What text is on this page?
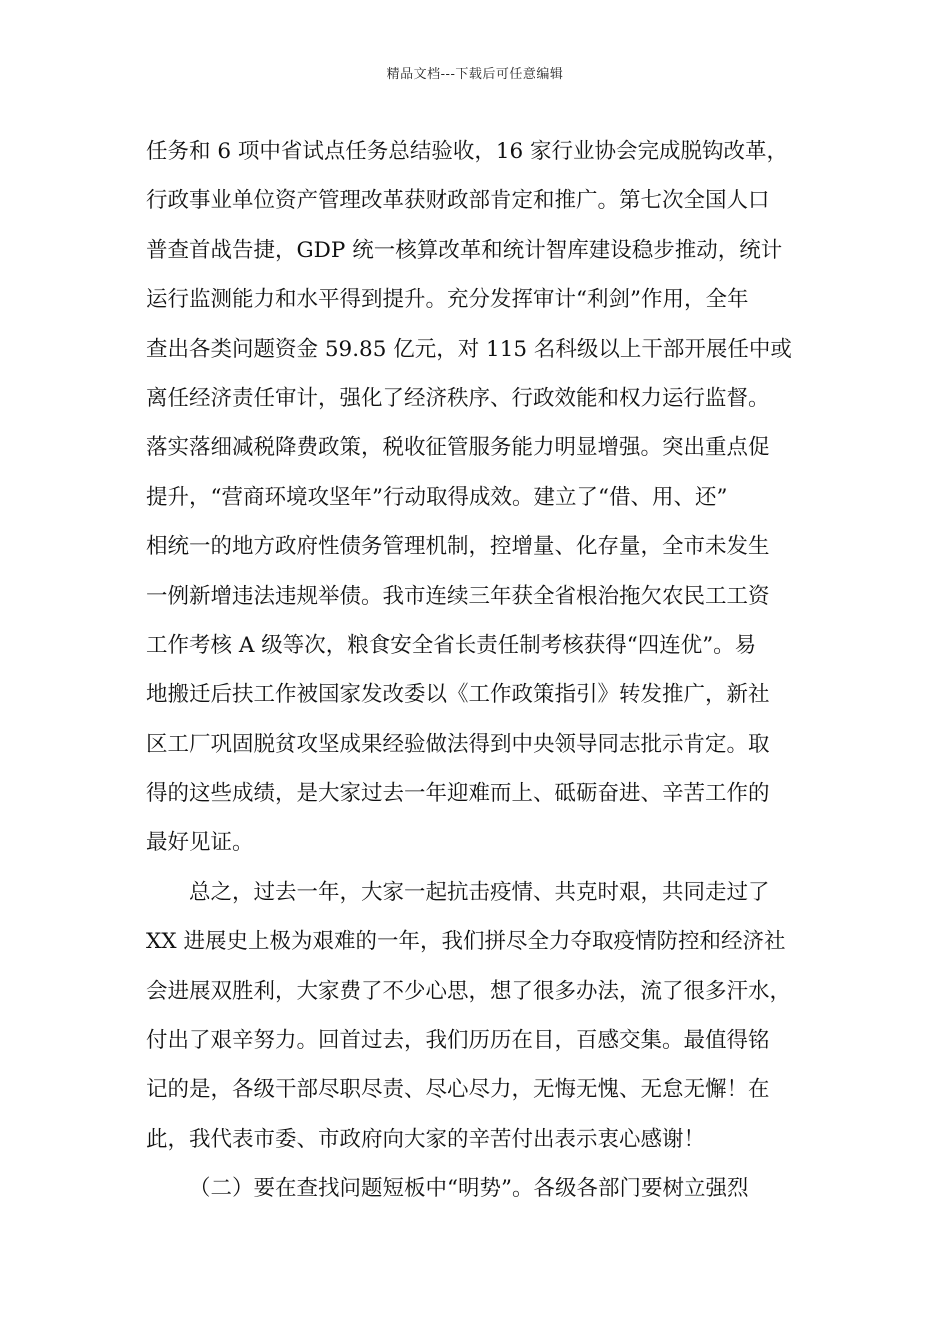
精品文档---下载后可任意编辑
任务和 6 项中省试点任务总结验收，16 家行业协会完成脱钩改革，
行政事业单位资产管理改革获财政部肯定和推广。第七次全国人口
普查首战告捷，GDP 统一核算改革和统计智库建设稳步推动，统计
运行监测能力和水平得到提升。充分发挥审计“利剑”作用，全年
查出各类问题资金 59.85 亿元，对 115 名科级以上干部开展任中或
离任经济责任审计，强化了经济秩序、行政效能和权力运行监督。
落实落细减税降费政策，税收征管服务能力明显增强。突出重点促
提升，“营商环境攻坚年”行动取得成效。建立了“借、用、还”
相统一的地方政府性债务管理机制，控增量、化存量，全市未发生
一例新增违法违规举债。我市连续三年获全省根治拖欠农民工工资
工作考核 A 级等次，粮食安全省长责任制考核获得“四连优”。易
地搬迁后扶工作被国家发改委以《工作政策指引》转发推广，新社
区工厂巩固脱贫攻坚成果经验做法得到中央领导同志批示肯定。取
得的这些成绩，是大家过去一年迎难而上、砥砺奋进、辛苦工作的
最好见证。
总之，过去一年，大家一起抗击疫情、共克时艰，共同走过了
XX 进展史上极为艰难的一年，我们拼尽全力夺取疫情防控和经济社
会进展双胜利，大家费了不少心思，想了很多办法，流了很多汗水，
付出了艰辛努力。回首过去，我们历历在目，百感交集。最值得铭
记的是，各级干部尽职尽责、尽心尽力，无悔无愧、无怠无懈！在
此，我代表市委、市政府向大家的辛苦付出表示衷心感谢！
（二）要在查找问题短板中“明势”。各级各部门要树立强烈
